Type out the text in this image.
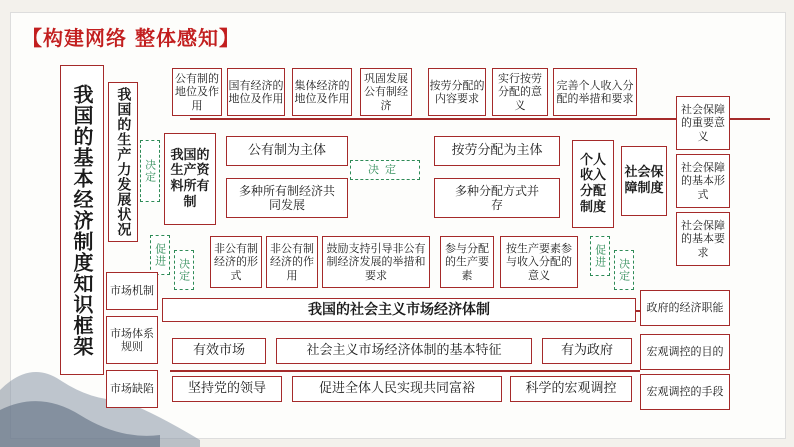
【构建网络 整体感知】
我国的基本经济制度知识框架	我国的生产力发展状况	决定
我国的生产资料所有制
促进
决定
公有制的地位及作用
国有经济的地位及作用
集体经济的地位及作用
巩固发展公有制经济
公有制为主体
多种所有制经济共同发展
决定
非公有制经济的形式
非公有制经济的作用
鼓励支持引导非公有制经济发展的举措和要求
按劳分配的内容要求
实行按劳分配的意义
完善个人收入分配的举措和要求
按劳分配为主体
多种分配方式并存
参与分配的生产要素
按生产要素参与收入分配的意义
个人收入分配制度
社会保障制度
社会保障的重要意义
社会保障的基本形式
社会保障的基本要求
促进
决定
我国的社会主义市场经济体制
市场机制
市场体系规则
市场缺陷
政府的经济职能
宏观调控的目的
宏观调控的手段
有效市场	社会主义市场经济体制的基本特征	有为政府
坚持党的领导	促进全体人民实现共同富裕	科学的宏观调控
